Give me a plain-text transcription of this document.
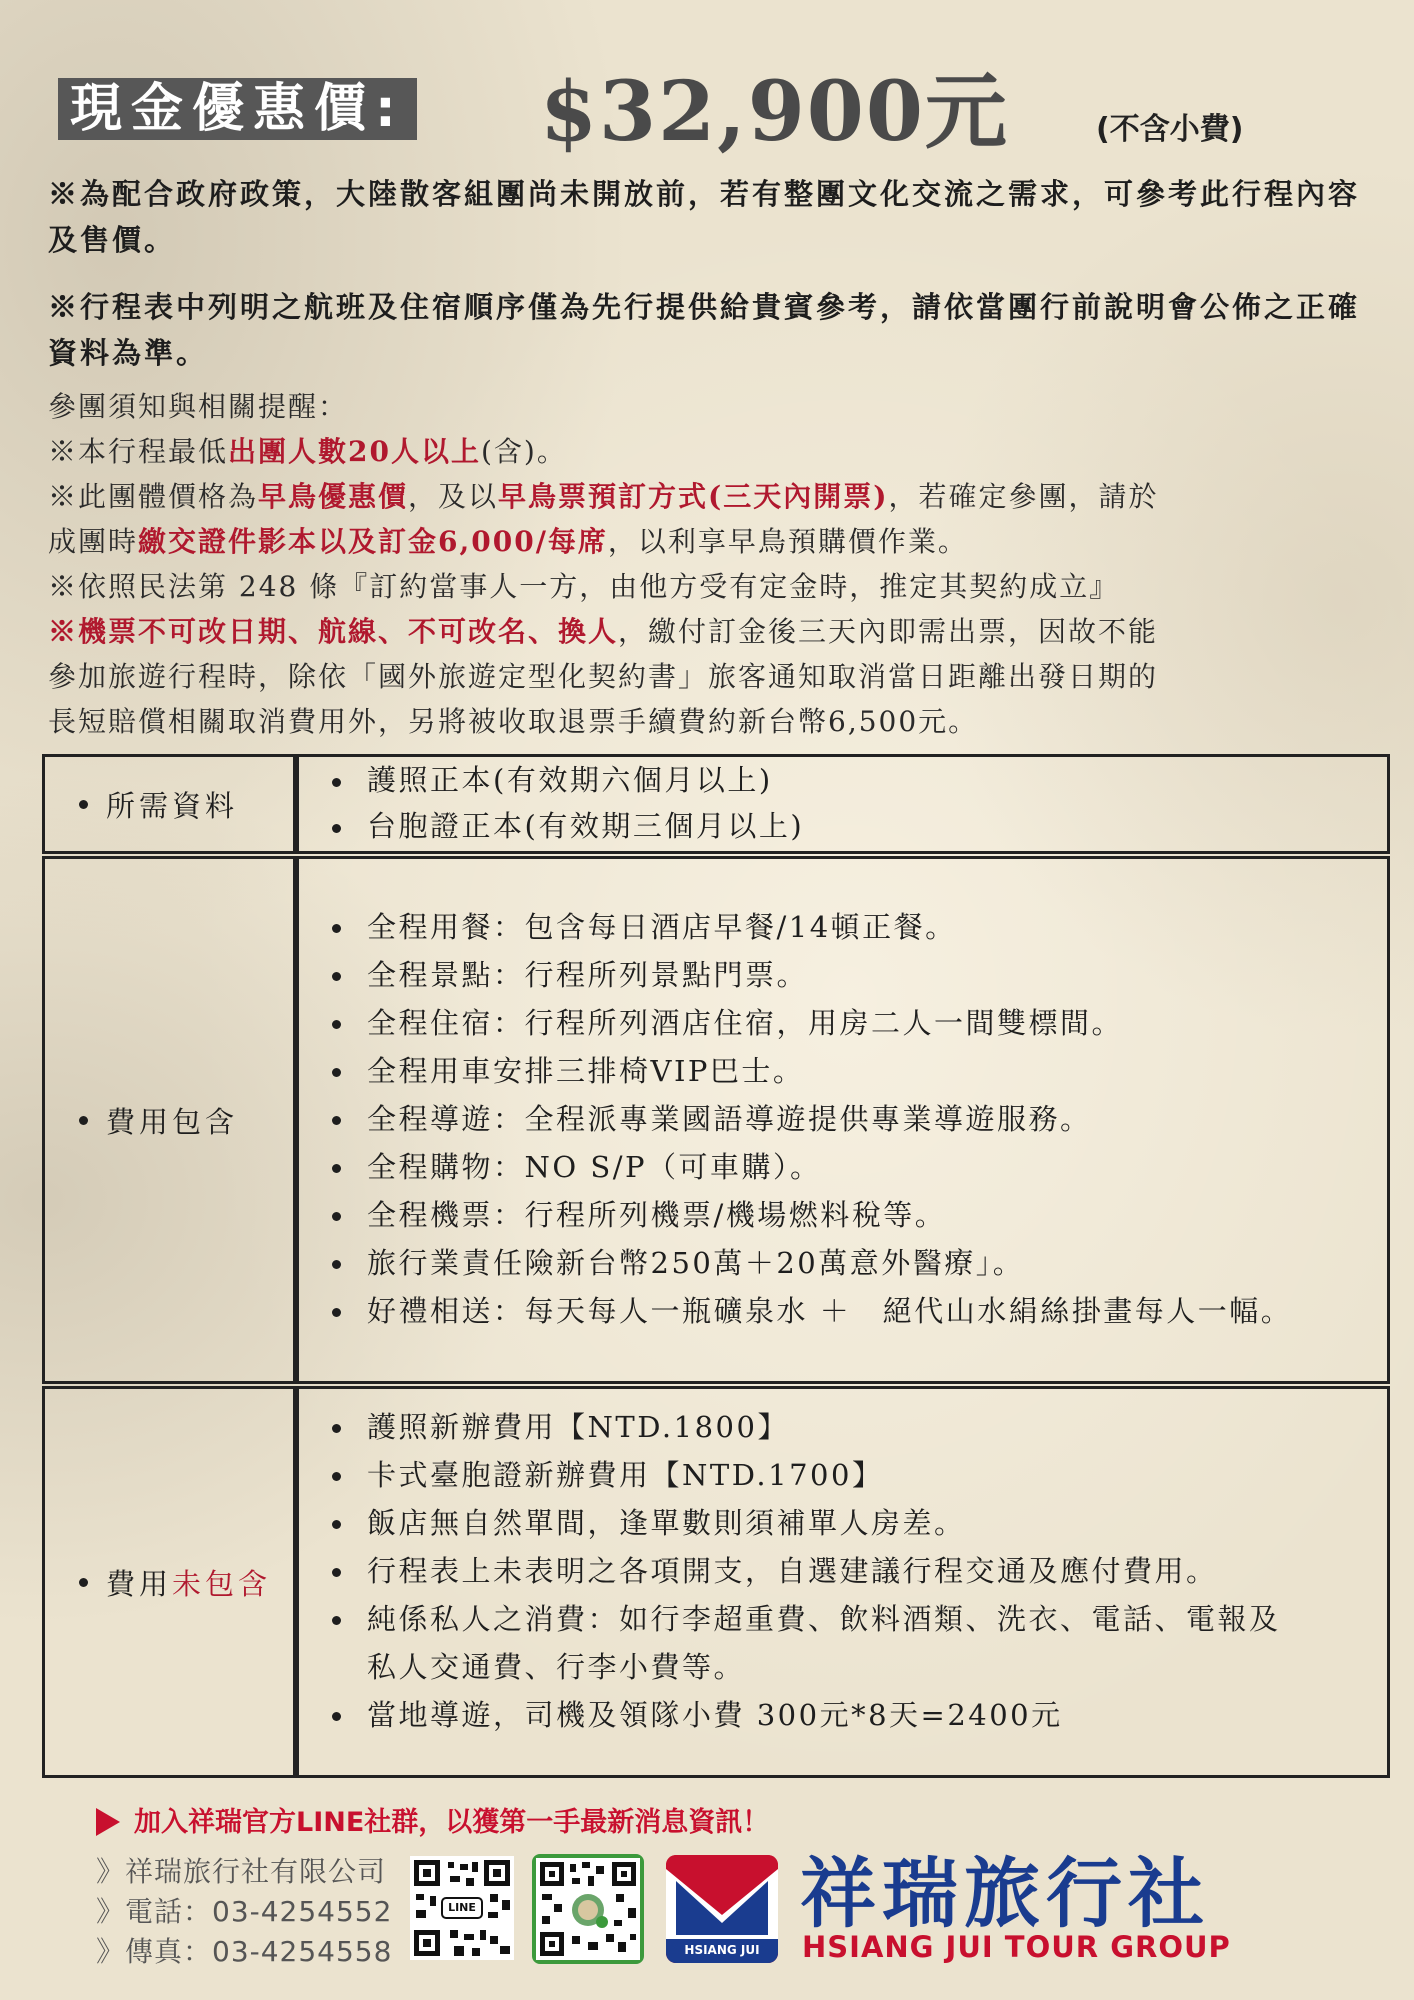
現金優惠價: $32,900元	(不含小費)
※為配合政府政策，大陸散客組團尚未開放前，若有整團文化交流之需求，可參考此行程內容及售價。
※行程表中列明之航班及住宿順序僅為先行提供給貴賓參考，請依當團行前說明會公佈之正確資料為準。
參團須知與相關提醒：
※本行程最低出團人數20人以上(含)。
※此團體價格為早鳥優惠價，及以早鳥票預訂方式(三天內開票)，若確定參團，請於
成團時繳交證件影本以及訂金6,000/每席，以利享早鳥預購價作業。
※依照民法第 248 條『訂約當事人一方，由他方受有定金時，推定其契約成立』
※機票不可改日期、航線、不可改名、換人，繳付訂金後三天內即需出票，因故不能
參加旅遊行程時，除依「國外旅遊定型化契約書」旅客通知取消當日距離出發日期的
長短賠償相關取消費用外，另將被收取退票手續費約新台幣6,500元。
所需資料
護照正本(有效期六個月以上)
台胞證正本(有效期三個月以上)
費用包含
全程用餐：包含每日酒店早餐/14頓正餐。
全程景點：行程所列景點門票。
全程住宿：行程所列酒店住宿，用房二人一間雙標間。
全程用車安排三排椅VIP巴士。
全程導遊：全程派專業國語導遊提供專業導遊服務。
全程購物：NO S/P（可車購）。
全程機票：行程所列機票/機場燃料稅等。
旅行業責任險新台幣250萬＋20萬意外醫療」。
好禮相送：每天每人一瓶礦泉水 ＋　絕代山水絹絲掛畫每人一幅。
費用未包含
護照新辦費用【NTD.1800】
卡式臺胞證新辦費用【NTD.1700】
飯店無自然單間，逢單數則須補單人房差。
行程表上未表明之各項開支，自選建議行程交通及應付費用。
純係私人之消費：如行李超重費、飲料酒類、洗衣、電話、電報及
私人交通費、行李小費等。
當地導遊，司機及領隊小費 300元*8天=2400元
加入祥瑞官方LINE社群，以獲第一手最新消息資訊！
》祥瑞旅行社有限公司
》電話：03-4254552
》傳真：03-4254558
LINE
HSIANG JUI
祥瑞旅行社
HSIANG JUI TOUR GROUP
